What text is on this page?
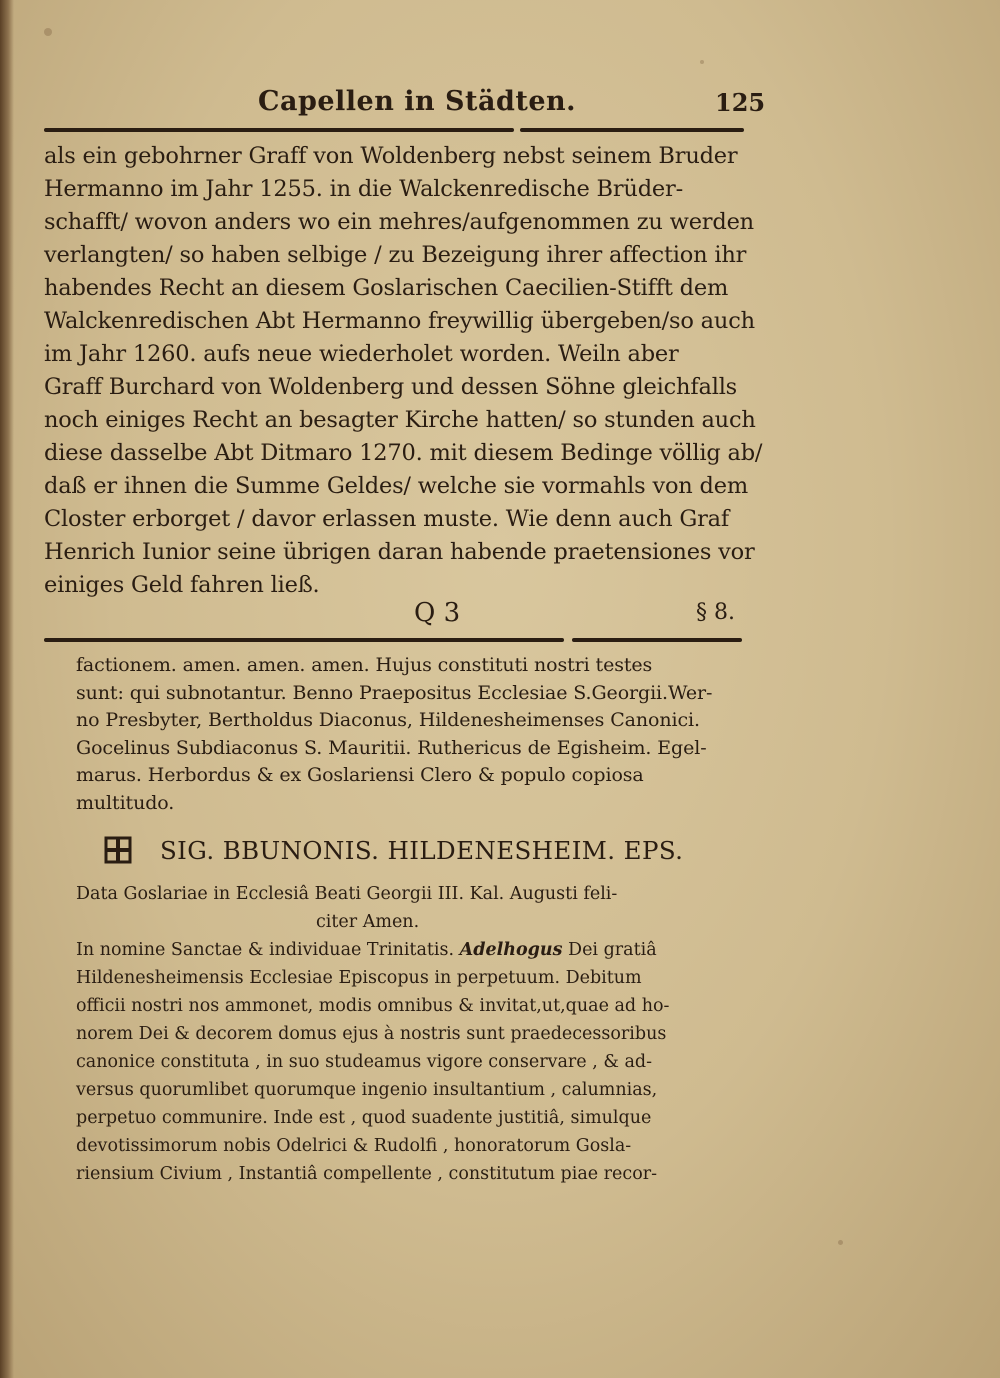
Capellen in Städten.	125
als ein gebohrner Graff von Woldenberg nebst seinem Bruder
Hermanno im Jahr 1255. in die Walckenredische Brüder-
schafft/ wovon anders wo ein mehres/aufgenommen zu werden
verlangten/ so haben selbige / zu Bezeigung ihrer affection ihr
habendes Recht an diesem Goslarischen Caecilien-Stifft dem
Walckenredischen Abt Hermanno freywillig übergeben/so auch
im Jahr 1260. aufs neue wiederholet worden. Weiln aber
Graff Burchard von Woldenberg und dessen Söhne gleichfalls
noch einiges Recht an besagter Kirche hatten/ so stunden auch
diese dasselbe Abt Ditmaro 1270. mit diesem Bedinge völlig ab/
daß er ihnen die Summe Geldes/ welche sie vormahls von dem
Closter erborget / davor erlassen muste. Wie denn auch Graf
Henrich Iunior seine übrigen daran habende praetensiones vor
einiges Geld fahren ließ.
Q 3	§ 8.
factionem. amen. amen. amen. Hujus constituti nostri testes
sunt: qui subnotantur. Benno Praepositus Ecclesiae S.Georgii.Wer-
no Presbyter, Bertholdus Diaconus, Hildenesheimenses Canonici.
Gocelinus Subdiaconus S. Mauritii. Ruthericus de Egisheim. Egel-
marus. Herbordus & ex Goslariensi Clero & populo copiosa
multitudo.
SIG. BBUNONIS. HILDENESHEIM. EPS.
Data Goslariae in Ecclesiâ Beati Georgii III. Kal. Augusti feli-
citer Amen.
In nomine Sanctae & individuae Trinitatis. Adelhogus Dei gratiâ
Hildenesheimensis Ecclesiae Episcopus in perpetuum. Debitum
officii nostri nos ammonet, modis omnibus & invitat,ut,quae ad ho-
norem Dei & decorem domus ejus à nostris sunt praedecessoribus
canonice constituta , in suo studeamus vigore conservare , & ad-
versus quorumlibet quorumque ingenio insultantium , calumnias,
perpetuo communire. Inde est , quod suadente justitiâ, simulque
devotissimorum nobis Odelrici & Rudolfi , honoratorum Gosla-
riensium Civium , Instantiâ compellente , constitutum piae recor-
